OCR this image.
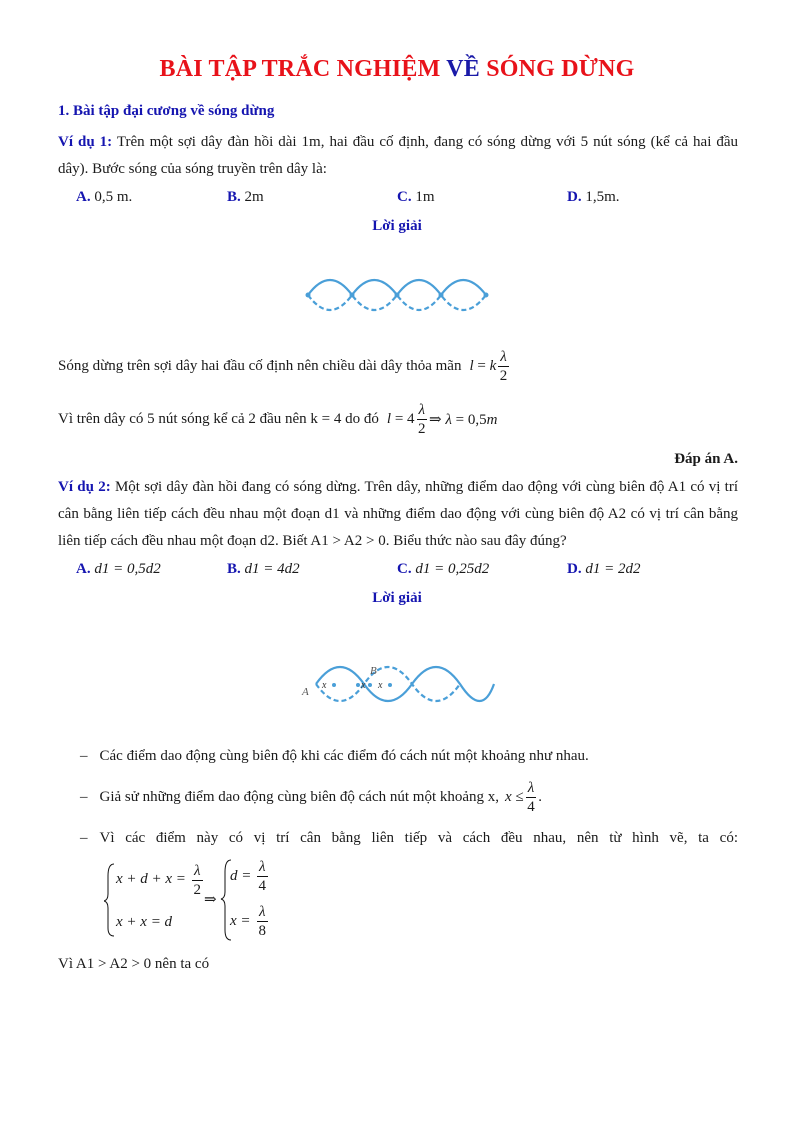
BÀI TẬP TRẮC NGHIỆM VỀ SÓNG DỪNG
1. Bài tập đại cương về sóng dừng
Ví dụ 1: Trên một sợi dây đàn hồi dài 1m, hai đầu cố định, đang có sóng dừng với 5 nút sóng (kể cả hai đầu dây). Bước sóng của sóng truyền trên dây là:
A. 0,5 m.	B. 2m	C. 1m	D. 1,5m.
Lời giải
Sóng dừng trên sợi dây hai đầu cố định nên chiều dài dây thỏa mãn l = k $\frac{\lambda}{2}$
Vì trên dây có 5 nút sóng kể cả 2 đầu nên k = 4 do đó $l = 4 \frac{\lambda}{2}$ ⇒ λ = 0,5m
Đáp án A.
Ví dụ 2: Một sợi dây đàn hồi đang có sóng dừng. Trên dây, những điểm dao động với cùng biên độ A1 có vị trí cân bằng liên tiếp cách đều nhau một đoạn d1 và những điểm dao động với cùng biên độ A2 có vị trí cân bằng liên tiếp cách đều nhau một đoạn d2. Biết A1 > A2 > 0. Biểu thức nào sau đây đúng?
A. d1 = 0,5d2	B. d1 = 4d2	C. d1 = 0,25d2	D. d1 = 2d2
Lời giải
A
B
x	x x
– Các điểm dao động cùng biên độ khi các điểm đó cách nút một khoảng như nhau.
– Giả sử những điểm dao động cùng biên độ cách nút một khoảng x, $x \le \frac{\lambda}{4}$ .
– Vì các điểm này có vị trí cân bằng liên tiếp và cách đều nhau, nên từ hình vẽ, ta có:
$x + d + x = \frac{\lambda}{2}$
⇒
x + x = d
$d = \frac{\lambda}{4}$
$x = \frac{\lambda}{8}$
Vì A1 > A2 > 0 nên ta có
